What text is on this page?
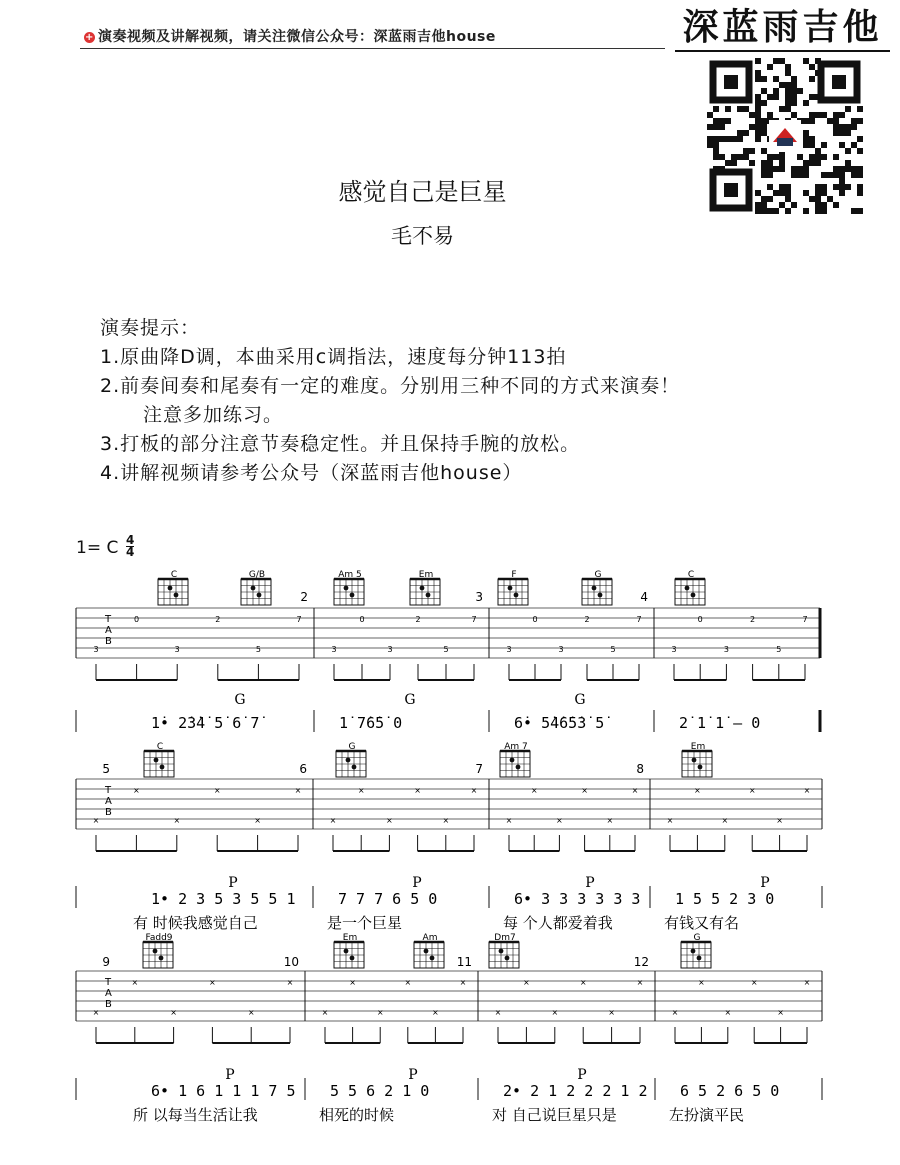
+ 演奏视频及讲解视频，请关注微信公众号：深蓝雨吉他house	深蓝雨吉他
感觉自己是巨星
毛不易
演奏提示：
1.原曲降D调，本曲采用c调指法，速度每分钟113拍
2.前奏间奏和尾奏有一定的难度。分别用三种不同的方式来演奏！
注意多加练习。
3.打板的部分注意节奏稳定性。并且保持手腕的放松。
4.讲解视频请参考公众号（深蓝雨吉他house）
1= C 4
4
T
A
B
2	3	4
C	G/B	Am 5	Em	F	G	C
3
0
3
2
5
7
3
0
3
2
5
7
3
0
3
2
5
7
3
0
3
2
5
7
G	G	G
1̇• 2̇3̇4̇ 5̇ 6̇ 7̇	1̇ 7̇6̇5̇ 0	6̇• 5̇4̇6̇5̇3̇ 5̇	2̇ 1̇ 1̇ – 0
T
A
B
5	6	7	8
C	G	Am 7	Em
×
×
×
×
×
×
×
×
×
×
×
×
×
×
×
×
×
×
×
×
×
×
×
×
P	P	P	P
1• 2 3 5 3 5 5 1	7 7 7 6 5 0	6• 3 3 3 3 3 3 1 5 5 2 3 0
有 时候我感觉自己	是一个巨星	每 个人都爱着我	有钱又有名
T
A
B
9	10	11	12
Fadd9	Em	Am	Dm7	G
×
×
×
×
×
×
×
×
×
×
×
×
×
×
×
×
×
×
×
×
×
×
×
×
P	P	P
6• 1 6 1 1 1 7 5 5 5 6 2 1 0	2• 2 1 2 2 2 1 2 6 5 2 6 5 0
所 以每当生活让我	相死的时候	对 自己说巨星只是	左扮演平民
